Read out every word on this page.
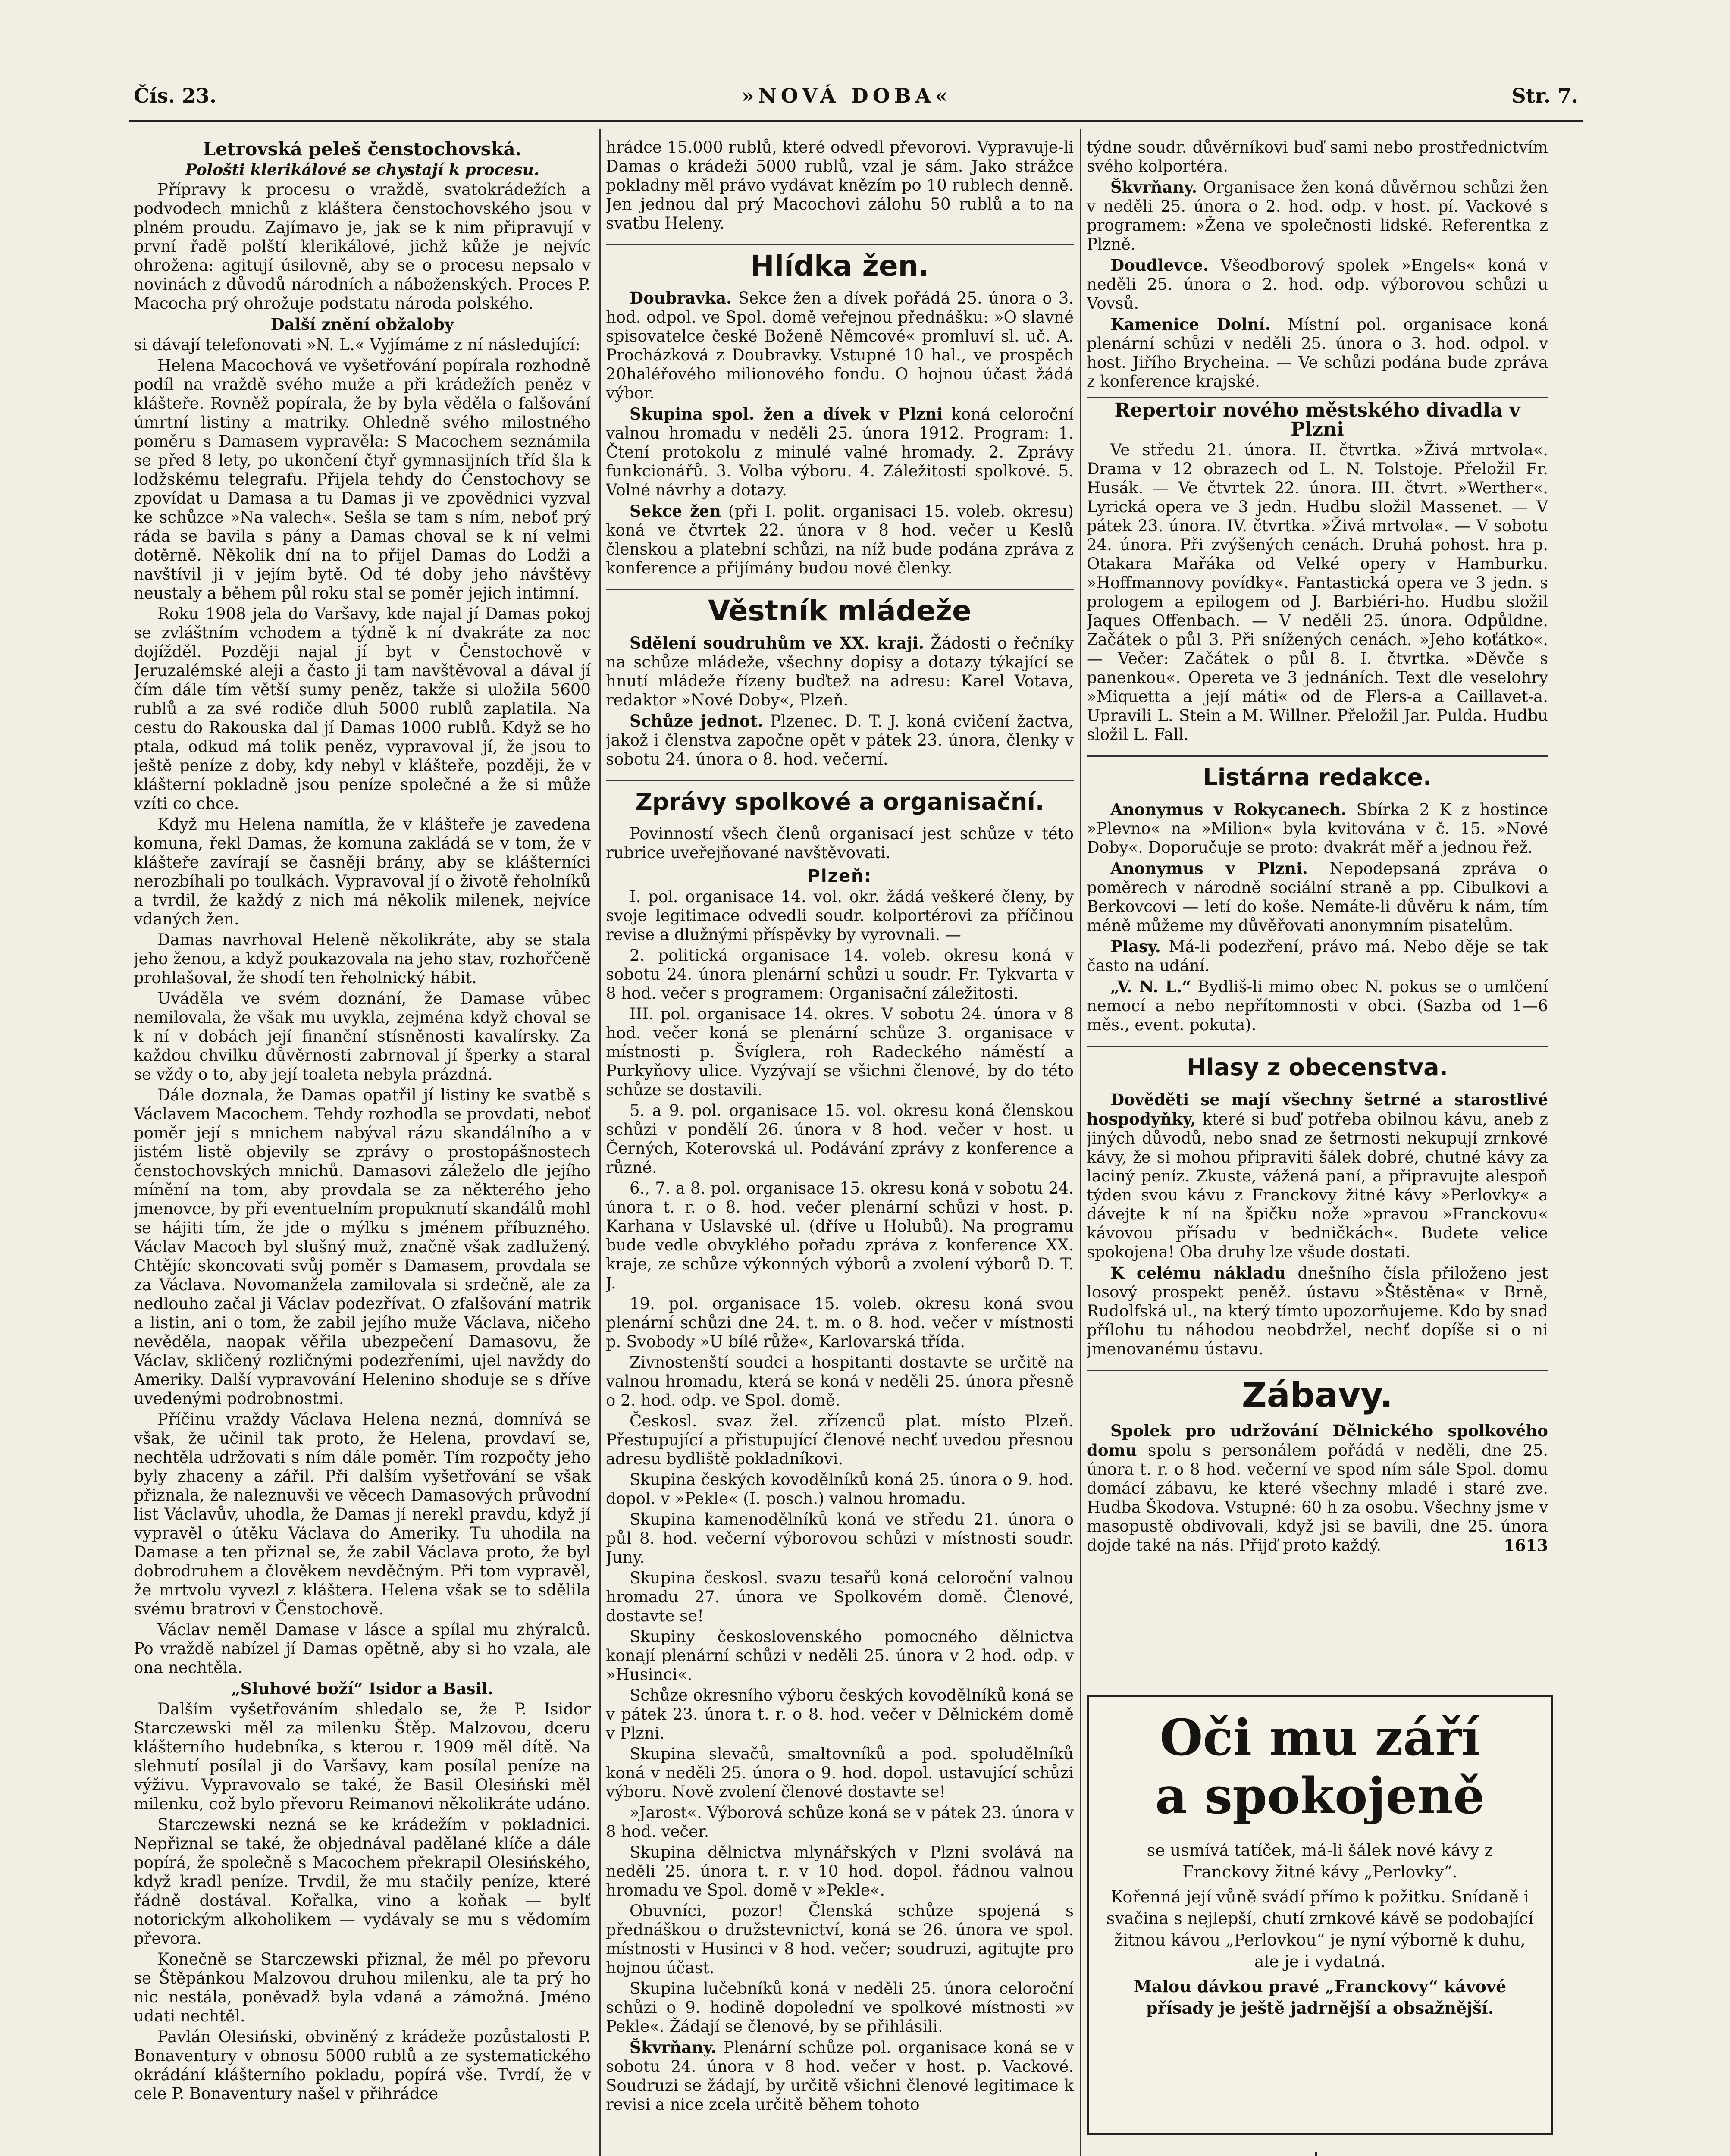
Čís. 23.	»NOVÁ DOBA«	Str. 7.
Letrovská peleš čenstochovská.
Pološti klerikálové se chystají k procesu.

Přípravy k procesu o vraždě, svatokrádežích a podvodech mnichů z kláštera čenstochovského jsou v plném proudu. Zajímavo je, jak se k nim připravují v první řadě polští klerikálové, jichž kůže je nejvíc ohrožena: agitují úsilovně, aby se o procesu nepsalo v novinách z důvodů národních a náboženských. Proces P. Macocha prý ohrožuje podstatu národa polského.

Další znění obžaloby

si dávají telefonovati »N. L.« Vyjímáme z ní následující:

Helena Macochová ve vyšetřování popírala rozhodně podíl na vraždě svého muže a při krádežích peněz v klášteře. Rovněž popírala, že by byla věděla o falšování úmrtní listiny a matriky. Ohledně svého milostného poměru s Damasem vypravěla: S Macochem seznámila se před 8 lety, po ukončení čtyř gymnasijních tříd šla k lodžskému telegrafu. Přijela tehdy do Čenstochovy se zpovídat u Damasa a tu Damas ji ve zpovědnici vyzval ke schůzce »Na valech«. Sešla se tam s ním, neboť prý ráda se bavila s pány a Damas choval se k ní velmi dotěrně. Několik dní na to přijel Damas do Lodži a navštívil ji v jejím bytě. Od té doby jeho návštěvy neustaly a během půl roku stal se poměr jejich intimní.

Roku 1908 jela do Varšavy, kde najal jí Damas pokoj se zvláštním vchodem a týdně k ní dvakráte za noc dojížděl. Později najal jí byt v Čenstochově v Jeruzalémské aleji a často ji tam navštěvoval a dával jí čím dále tím větší sumy peněz, takže si uložila 5600 rublů a za své rodiče dluh 5000 rublů zaplatila. Na cestu do Rakouska dal jí Damas 1000 rublů. Když se ho ptala, odkud má tolik peněz, vypravoval jí, že jsou to ještě peníze z doby, kdy nebyl v klášteře, později, že v klášterní pokladně jsou peníze společné a že si může vzíti co chce.

Když mu Helena namítla, že v klášteře je zavedena komuna, řekl Damas, že komuna zakládá se v tom, že v klášteře zavírají se časněji brány, aby se klášterníci nerozbíhali po toulkách. Vypravoval jí o životě řeholníků a tvrdil, že každý z nich má několik milenek, nejvíce vdaných žen.

Damas navrhoval Heleně několikráte, aby se stala jeho ženou, a když poukazovala na jeho stav, rozhořčeně prohlašoval, že shodí ten řeholnický hábit.

Uváděla ve svém doznání, že Damase vůbec nemilovala, že však mu uvykla, zejména když choval se k ní v dobách její finanční stísněnosti kavalírsky. Za každou chvilku důvěrnosti zabrnoval jí šperky a staral se vždy o to, aby její toaleta nebyla prázdná.

Dále doznala, že Damas opatřil jí listiny ke svatbě s Václavem Macochem. Tehdy rozhodla se provdati, neboť poměr její s mnichem nabýval rázu skandálního a v jistém listě objevily se zprávy o prostopášnostech čenstochovských mnichů. Damasovi záleželo dle jejího mínění na tom, aby provdala se za některého jeho jmenovce, by při eventuelním propuknutí skandálů mohl se hájiti tím, že jde o mýlku s jménem příbuzného. Václav Macoch byl slušný muž, značně však zadlužený. Chtějíc skoncovati svůj poměr s Damasem, provdala se za Václava. Novomanžela zamilovala si srdečně, ale za nedlouho začal ji Václav podezřívat. O zfalšování matrik a listin, ani o tom, že zabil jejího muže Václava, ničeho nevěděla, naopak věřila ubezpečení Damasovu, že Václav, skličený rozličnými podezřeními, ujel navždy do Ameriky. Další vypravování Helenino shoduje se s dříve uvedenými podrobnostmi.

Příčinu vraždy Václava Helena nezná, domnívá se však, že učinil tak proto, že Helena, provdaví se, nechtěla udržovati s ním dále poměr. Tím rozpočty jeho byly zhaceny a zářil. Při dalším vyšetřování se však přiznala, že naleznuvši ve věcech Damasových průvodní list Václavův, uhodla, že Damas jí nerekl pravdu, když jí vypravěl o útěku Václava do Ameriky. Tu uhodila na Damase a ten přiznal se, že zabil Václava proto, že byl dobrodruhem a člověkem nevděčným. Při tom vypravěl, že mrtvolu vyvezl z kláštera. Helena však se to sdělila svému bratrovi v Čenstochově.

Václav neměl Damase v lásce a spílal mu zhýralců. Po vraždě nabízel jí Damas opětně, aby si ho vzala, ale ona nechtěla.

„Sluhové boží“ Isidor a Basil.

Dalším vyšetřováním shledalo se, že P. Isidor Starczewski měl za milenku Štěp. Malzovou, dceru klášterního hudebníka, s kterou r. 1909 měl dítě. Na slehnutí posílal ji do Varšavy, kam posílal peníze na výživu. Vypravovalo se také, že Basil Olesiński měl milenku, což bylo převoru Reimanovi několikráte udáno.

Starczewski nezná se ke krádežím v pokladnici. Nepřiznal se také, že objednával padělané klíče a dále popírá, že společně s Macochem překrapil Olesińského, když kradl peníze. Trvdil, že mu stačily peníze, které řádně dostával. Kořalka, vino a koňak — bylť notorickým alkoholikem — vydávaly se mu s vědomím převora.

Konečně se Starczewski přiznal, že měl po převoru se Štěpánkou Malzovou druhou milenku, ale ta prý ho nic nestála, poněvadž byla vdaná a zámožná. Jméno udati nechtěl.

Pavlán Olesiński, obviněný z krádeže pozůstalosti P. Bonaventury v obnosu 5000 rublů a ze systematického okrádání klášterního pokladu, popírá vše. Tvrdí, že v cele P. Bonaventury našel v přihrádce

hrádce 15.000 rublů, které odvedl převorovi. Vypravuje-li Damas o krádeži 5000 rublů, vzal je sám. Jako strážce pokladny měl právo vydávat knězím po 10 rublech denně. Jen jednou dal prý Macochovi zálohu 50 rublů a to na svatbu Heleny.

Hlídka žen.

Doubravka. Sekce žen a dívek pořádá 25. února o 3. hod. odpol. ve Spol. domě veřejnou přednášku: »O slavné spisovatelce české Boženě Němcové« promluví sl. uč. A. Procházková z Doubravky. Vstupné 10 hal., ve prospěch 20haléřového milionového fondu. O hojnou účast žádá výbor.

Skupina spol. žen a dívek v Plzni koná celoroční valnou hromadu v neděli 25. února 1912. Program: 1. Čtení protokolu z minulé valné hromady. 2. Zprávy funkcionářů. 3. Volba výboru. 4. Záležitosti spolkové. 5. Volné návrhy a dotazy.

Sekce žen (při I. polit. organisaci 15. voleb. okresu) koná ve čtvrtek 22. února v 8 hod. večer u Keslů členskou a platební schůzi, na níž bude podána zpráva z konference a přijímány budou nové členky.

Věstník mládeže

Sdělení soudruhům ve XX. kraji. Žádosti o řečníky na schůze mládeže, všechny dopisy a dotazy týkající se hnutí mládeže řízeny buďtež na adresu: Karel Votava, redaktor »Nové Doby«, Plzeň.

Schůze jednot. Plzenec. D. T. J. koná cvičení žactva, jakož i členstva započne opět v pátek 23. února, členky v sobotu 24. února o 8. hod. večerní.

Zprávy spolkové a organisační.

Povinností všech členů organisací jest schůze v této rubrice uveřejňované navštěvovati.

Plzeň:

I. pol. organisace 14. vol. okr. žádá veškeré členy, by svoje legitimace odvedli soudr. kolportérovi za příčinou revise a dlužnými příspěvky by vyrovnali. —

2. politická organisace 14. voleb. okresu koná v sobotu 24. února plenární schůzi u soudr. Fr. Tykvarta v 8 hod. večer s programem: Organisační záležitosti.

III. pol. organisace 14. okres. V sobotu 24. února v 8 hod. večer koná se plenární schůze 3. organisace v místnosti p. Švíglera, roh Radeckého náměstí a Purkyňovy ulice. Vyzývají se všichni členové, by do této schůze se dostavili.

5. a 9. pol. organisace 15. vol. okresu koná členskou schůzi v pondělí 26. února v 8 hod. večer v host. u Černých, Koterovská ul. Podávání zprávy z konference a různé.

6., 7. a 8. pol. organisace 15. okresu koná v sobotu 24. února t. r. o 8. hod. večer plenární schůzi v host. p. Karhana v Uslavské ul. (dříve u Holubů). Na programu bude vedle obvyklého pořadu zpráva z konference XX. kraje, ze schůze výkonných výborů a zvolení výborů D. T. J.

19. pol. organisace 15. voleb. okresu koná svou plenární schůzi dne 24. t. m. o 8. hod. večer v místnosti p. Svobody »U bílé růže«, Karlovarská třída.

Zivnostenští soudci a hospitanti dostavte se určitě na valnou hromadu, která se koná v neděli 25. února přesně o 2. hod. odp. ve Spol. domě.

Českosl. svaz žel. zřízenců plat. místo Plzeň. Přestupující a přistupující členové nechť uvedou přesnou adresu bydliště pokladníkovi.

Skupina českých kovodělníků koná 25. února o 9. hod. dopol. v »Pekle« (I. posch.) valnou hromadu.

Skupina kamenodělníků koná ve středu 21. února o půl 8. hod. večerní výborovou schůzi v místnosti soudr. Juny.

Skupina českosl. svazu tesařů koná celoroční valnou hromadu 27. února ve Spolkovém domě. Členové, dostavte se!

Skupiny československého pomocného dělnictva konají plenární schůzi v neděli 25. února v 2 hod. odp. v »Husinci«.

Schůze okresního výboru českých kovodělníků koná se v pátek 23. února t. r. o 8. hod. večer v Dělnickém domě v Plzni.

Skupina slevačů, smaltovníků a pod. spoludělníků koná v neděli 25. února o 9. hod. dopol. ustavující schůzi výboru. Nově zvolení členové dostavte se!

»Jarost«. Výborová schůze koná se v pátek 23. února v 8 hod. večer.

Skupina dělnictva mlynářských v Plzni svolává na neděli 25. února t. r. v 10 hod. dopol. řádnou valnou hromadu ve Spol. domě v »Pekle«.

Obuvníci, pozor! Členská schůze spojená s přednáškou o družstevnictví, koná se 26. února ve spol. místnosti v Husinci v 8 hod. večer; soudruzi, agitujte pro hojnou účast.

Skupina lučebníků koná v neděli 25. února celoroční schůzi o 9. hodině dopolední ve spolkové místnosti »v Pekle«. Žádají se členové, by se přihlásili.

Škvrňany. Plenární schůze pol. organisace koná se v sobotu 24. února v 8 hod. večer v host. p. Vackové. Soudruzi se žádají, by určitě všichni členové legitimace k revisi a nice zcela určitě během tohoto

týdne soudr. důvěrníkovi buď sami nebo prostřednictvím svého kolportéra.

Škvrňany. Organisace žen koná důvěrnou schůzi žen v neděli 25. února o 2. hod. odp. v host. pí. Vackové s programem: »Žena ve společnosti lidské. Referentka z Plzně.

Doudlevce. Všeodborový spolek »Engels« koná v neděli 25. února o 2. hod. odp. výborovou schůzi u Vovsů.

Kamenice Dolní. Místní pol. organisace koná plenární schůzi v neděli 25. února o 3. hod. odpol. v host. Jiřího Brycheina. — Ve schůzi podána bude zpráva z konference krajské.

Repertoir nového městského divadla v Plzni

Ve středu 21. února. II. čtvrtka. »Živá mrtvola«. Drama v 12 obrazech od L. N. Tolstoje. Přeložil Fr. Husák. — Ve čtvrtek 22. února. III. čtvrt. »Werther«. Lyrická opera ve 3 jedn. Hudbu složil Massenet. — V pátek 23. února. IV. čtvrtka. »Živá mrtvola«. — V sobotu 24. února. Při zvýšených cenách. Druhá pohost. hra p. Otakara Mařáka od Velké opery v Hamburku. »Hoffmannovy povídky«. Fantastická opera ve 3 jedn. s prologem a epilogem od J. Barbiéri-ho. Hudbu složil Jaques Offenbach. — V neděli 25. února. Odpůldne. Začátek o půl 3. Při snížených cenách. »Jeho koťátko«. — Večer: Začátek o půl 8. I. čtvrtka. »Děvče s panenkou«. Opereta ve 3 jednáních. Text dle veselohry »Miquetta a její máti« od de Flers-a a Caillavet-a. Upravili L. Stein a M. Willner. Přeložil Jar. Pulda. Hudbu složil L. Fall.

Listárna redakce.

Anonymus v Rokycanech. Sbírka 2 K z hostince »Plevno« na »Milion« byla kvitována v č. 15. »Nové Doby«. Doporučuje se proto: dvakrát měř a jednou řež.

Anonymus v Plzni. Nepodepsaná zpráva o poměrech v národně sociální straně a pp. Cibulkovi a Berkovcovi — letí do koše. Nemáte-li důvěru k nám, tím méně můžeme my důvěřovati anonymním pisatelům.

Plasy. Má-li podezření, právo má. Nebo děje se tak často na udání.

„V. N. L.“ Bydliš-li mimo obec N. pokus se o umlčení nemocí a nebo nepřítomnosti v obci. (Sazba od 1—6 měs., event. pokuta).

Hlasy z obecenstva.

Dověděti se mají všechny šetrné a starostlivé hospodyňky, které si buď potřeba obilnou kávu, aneb z jiných důvodů, nebo snad ze šetrnosti nekupují zrnkové kávy, že si mohou připraviti šálek dobré, chutné kávy za laciný peníz. Zkuste, vážená paní, a připravujte alespoň týden svou kávu z Franckovy žitné kávy »Perlovky« a dávejte k ní na špičku nože »pravou »Franckovu« kávovou přísadu v bedničkách«. Budete velice spokojena! Oba druhy lze všude dostati.

K celému nákladu dnešního čísla přiloženo jest losový prospekt peněž. ústavu »Štěstěna« v Brně, Rudolfská ul., na který tímto upozorňujeme. Kdo by snad přílohu tu náhodou neobdržel, nechť dopíše si o ni jmenovanému ústavu.

Zábavy.

Spolek pro udržování Dělnického spolkového domu spolu s personálem pořádá v neděli, dne 25. února t. r. o 8 hod. večerní ve spod ním sále Spol. domu domácí zábavu, ke které všechny mladé i staré zve. Hudba Škodova. Vstupné: 60 h za osobu. Všechny jsme v masopustě obdivovali, když jsi se bavili, dne 25. února dojde také na nás. Přijď proto každý.	1613

Oči mu září
a spokojeně

se usmívá tatíček, má-li šálek nové kávy z Franckovy žitné kávy „Perlovky“.

Kořenná její vůně svádí přímo k požitku. Snídaně i svačina s nejlepší, chutí zrnkové kávě se podobající žitnou kávou „Perlovkou“ je nyní výborně k duhu, ale je i vydatná.

Malou dávkou pravé „Franckovy“ kávové přísady je ještě jadrnější a obsažnější.
